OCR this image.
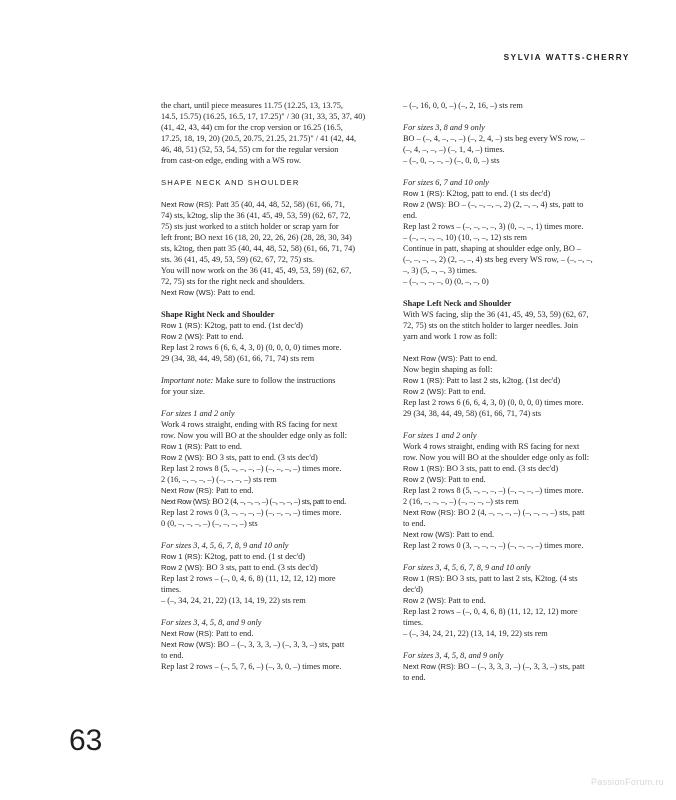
SYLVIA WATTS-CHERRY
the chart, until piece measures 11.75 (12.25, 13, 13.75,
14.5, 15.75) (16.25, 16.5, 17, 17.25)" / 30 (31, 33, 35, 37, 40)
(41, 42, 43, 44) cm for the crop version or 16.25 (16.5,
17.25, 18, 19, 20) (20.5, 20.75, 21.25, 21.75)" / 41 (42, 44,
46, 48, 51) (52, 53, 54, 55) cm for the regular version
from cast-on edge, ending with a WS row.
SHAPE NECK AND SHOULDER
Next Row (RS): Patt 35 (40, 44, 48, 52, 58) (61, 66, 71,
74) sts, k2tog, slip the 36 (41, 45, 49, 53, 59) (62, 67, 72,
75) sts just worked to a stitch holder or scrap yarn for
left front; BO next 16 (18, 20, 22, 26, 26) (28, 28, 30, 34)
sts, k2tog, then patt 35 (40, 44, 48, 52, 58) (61, 66, 71, 74)
sts. 36 (41, 45, 49, 53, 59) (62, 67, 72, 75) sts.
You will now work on the 36 (41, 45, 49, 53, 59) (62, 67,
72, 75) sts for the right neck and shoulders.
Next Row (WS): Patt to end.
Shape Right Neck and Shoulder
Row 1 (RS): K2tog, patt to end. (1st dec'd)
Row 2 (WS): Patt to end.
Rep last 2 rows 6 (6, 6, 4, 3, 0) (0, 0, 0, 0) times more.
29 (34, 38, 44, 49, 58) (61, 66, 71, 74) sts rem
Important note: Make sure to follow the instructions
for your size.
For sizes 1 and 2 only
Work 4 rows straight, ending with RS facing for next
row. Now you will BO at the shoulder edge only as foll:
Row 1 (RS): Patt to end.
Row 2 (WS): BO 3 sts, patt to end. (3 sts dec'd)
Rep last 2 rows 8 (5, –, –, –, –) (–, –, –, –) times more.
2 (16, –, –, –, –) (–, –, –, –) sts rem
Next Row (RS): Patt to end.
Next Row (WS): BO 2 (4, –, –, –, –) (–, –, –, –) sts, patt to end.
Rep last 2 rows 0 (3, –, –, –, –) (–, –, –, –) times more.
0 (0, –, –, –, –) (–, –, –, –) sts
For sizes 3, 4, 5, 6, 7, 8, 9 and 10 only
Row 1 (RS): K2tog, patt to end. (1 st dec'd)
Row 2 (WS): BO 3 sts, patt to end. (3 sts dec'd)
Rep last 2 rows – (–, 0, 4, 6, 8) (11, 12, 12, 12) more
times.
– (–, 34, 24, 21, 22) (13, 14, 19, 22) sts rem
For sizes 3, 4, 5, 8, and 9 only
Next Row (RS): Patt to end.
Next Row (WS): BO – (–, 3, 3, 3, –) (–, 3, 3, –) sts, patt
to end.
Rep last 2 rows – (–, 5, 7, 6, –) (–, 3, 0, –) times more.
– (–, 16, 0, 0, –) (–, 2, 16, –) sts rem
For sizes 3, 8 and 9 only
BO – (–, 4, –, –, –) (–, 2, 4, –) sts beg every WS row, –
(–, 4, –, –, –) (–, 1, 4, –) times.
– (–, 0, –, –, –) (–, 0, 0, –) sts
For sizes 6, 7 and 10 only
Row 1 (RS): K2tog, patt to end. (1 sts dec'd)
Row 2 (WS): BO – (–, –, –, –, 2) (2, –, –, 4) sts, patt to
end.
Rep last 2 rows – (–, –, –, –, 3) (0, –, –, 1) times more.
– (–, –, –, –, 10) (10, –, –, 12) sts rem
Continue in patt, shaping at shoulder edge only, BO –
(–, –, –, –, 2) (2, –, –, 4) sts beg every WS row, – (–, –, –,
–, 3) (5, –, –, 3) times.
– (–, –, –, –, 0) (0, –, –, 0)
Shape Left Neck and Shoulder
With WS facing, slip the 36 (41, 45, 49, 53, 59) (62, 67,
72, 75) sts on the stitch holder to larger needles. Join
yarn and work 1 row as foll:
Next Row (WS): Patt to end.
Now begin shaping as foll:
Row 1 (RS): Patt to last 2 sts, k2tog. (1st dec'd)
Row 2 (WS): Patt to end.
Rep last 2 rows 6 (6, 6, 4, 3, 0) (0, 0, 0, 0) times more.
29 (34, 38, 44, 49, 58) (61, 66, 71, 74) sts
For sizes 1 and 2 only
Work 4 rows straight, ending with RS facing for next
row. Now you will BO at the shoulder edge only as foll:
Row 1 (RS): BO 3 sts, patt to end. (3 sts dec'd)
Row 2 (WS): Patt to end.
Rep last 2 rows 8 (5, –, –, –, –) (–, –, –, –) times more.
2 (16, –, –, –, –) (–, –, –, –) sts rem
Next Row (RS): BO 2 (4, –, –, –, –) (–, –, –, –) sts, patt
to end.
Next row (WS): Patt to end.
Rep last 2 rows 0 (3, –, –, –, –) (–, –, –, –) times more.
For sizes 3, 4, 5, 6, 7, 8, 9 and 10 only
Row 1 (RS): BO 3 sts, patt to last 2 sts, K2tog. (4 sts
dec'd)
Row 2 (WS): Patt to end.
Rep last 2 rows – (–, 0, 4, 6, 8) (11, 12, 12, 12) more
times.
– (–, 34, 24, 21, 22) (13, 14, 19, 22) sts rem
For sizes 3, 4, 5, 8, and 9 only
Next Row (RS): BO – (–, 3, 3, 3, –) (–, 3, 3, –) sts, patt
to end.
63
PassionForum.ru
